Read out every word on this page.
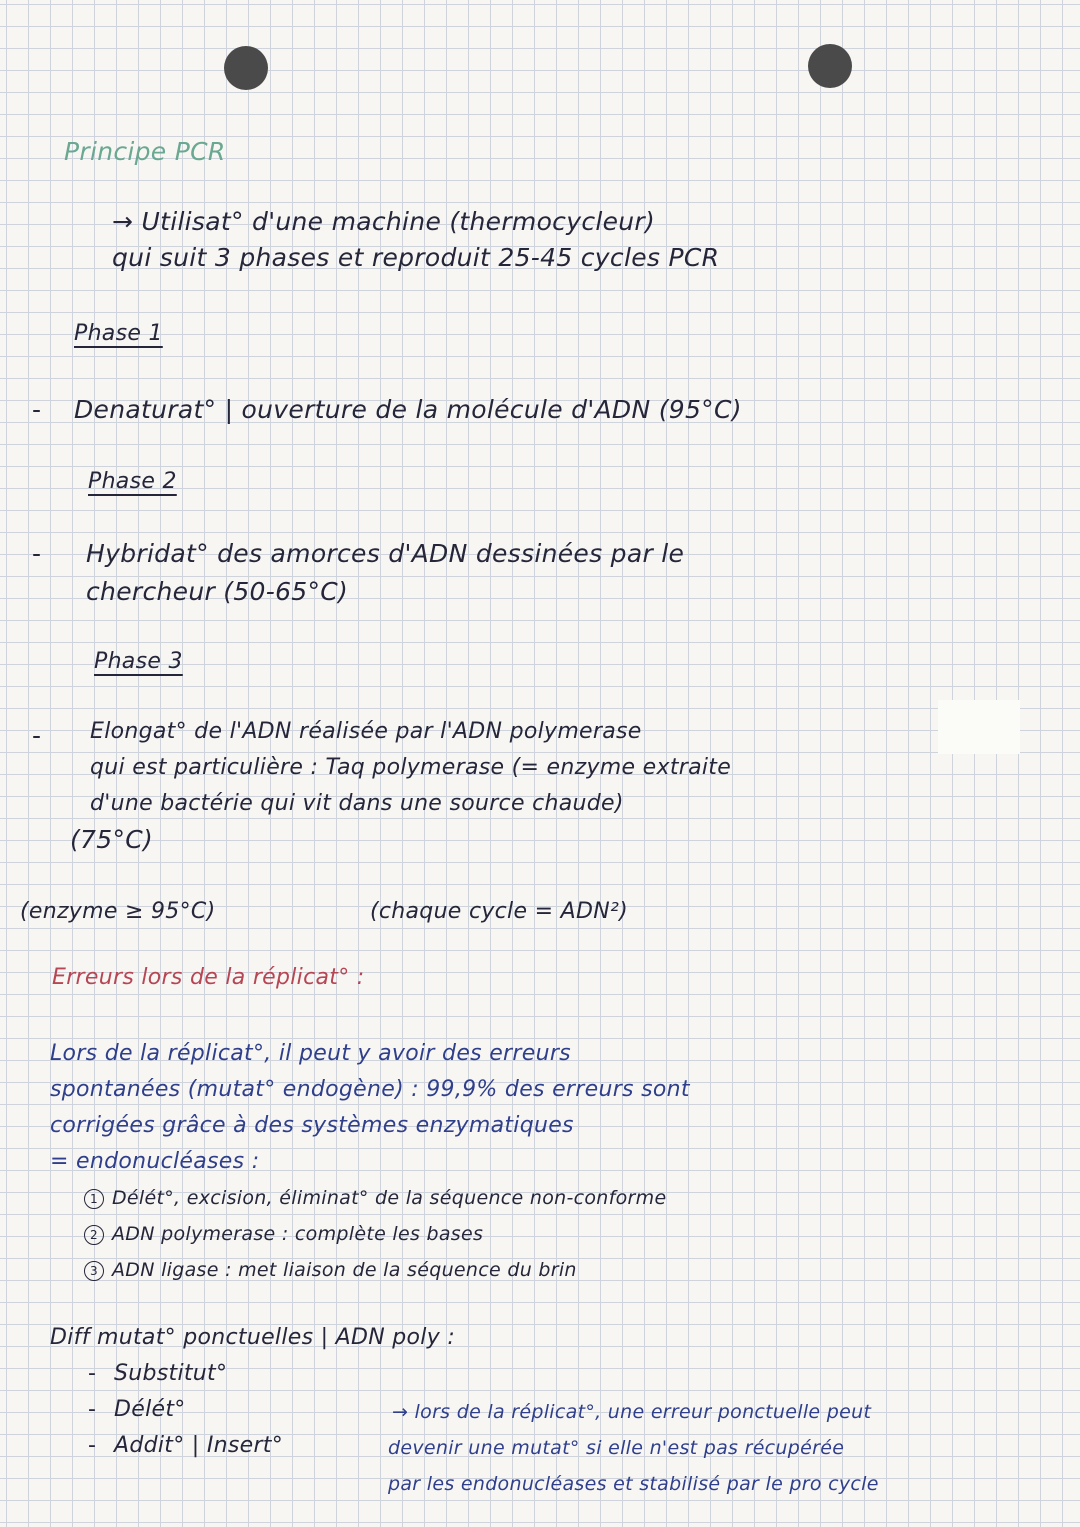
Principe PCR
→ Utilisat° d'une machine (thermocycleur)
qui suit 3 phases et reproduit 25-45 cycles PCR
Phase 1
- Denaturat° | ouverture de la molécule d'ADN (95°C)
Phase 2
- Hybridat° des amorces d'ADN dessinées par le
chercheur (50-65°C)
Phase 3
- Elongat° de l'ADN réalisée par l'ADN polymerase
qui est particulière : Taq polymerase (= enzyme extraite
d'une bactérie qui vit dans une source chaude)
(75°C)
(enzyme ≥ 95°C)	(chaque cycle = ADN²)
Erreurs lors de la réplicat° :
Lors de la réplicat°, il peut y avoir des erreurs
spontanées (mutat° endogène) : 99,9% des erreurs sont
corrigées grâce à des systèmes enzymatiques
= endonucléases :
1 Délét°, excision, éliminat° de la séquence non-conforme
2 ADN polymerase : complète les bases
3 ADN ligase : met liaison de la séquence du brin
Diff mutat° ponctuelles | ADN poly :
- Substitut°
- Délét°
- Addit° | Insert°
→ lors de la réplicat°, une erreur ponctuelle peut
devenir une mutat° si elle n'est pas récupérée
par les endonucléases et stabilisé par le pro cycle
